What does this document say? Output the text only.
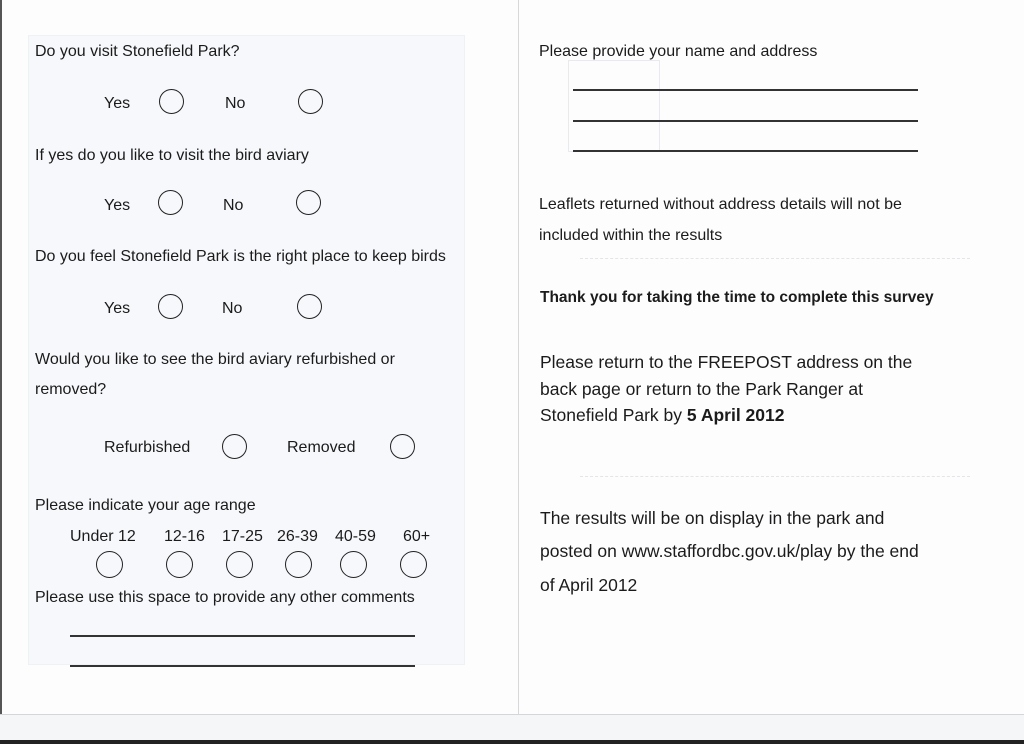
Do you visit Stonefield Park?
Yes	No
If yes do you like to visit the bird aviary
Yes	No
Do you feel Stonefield Park is the right place to keep birds
Yes	No
Would you like to see the bird aviary refurbished or
removed?
Refurbished	Removed
Please indicate your age range
Under 12 12-16 17-25 26-39 40-59 60+
Please use this space to provide any other comments
Please provide your name and address
Leaflets returned without address details will not be
included within the results
Thank you for taking the time to complete this survey
Please return to the FREEPOST address on the
back page or return to the Park Ranger at
Stonefield Park by 5 April 2012
The results will be on display in the park and
posted on www.staffordbc.gov.uk/play by the end
of April 2012
